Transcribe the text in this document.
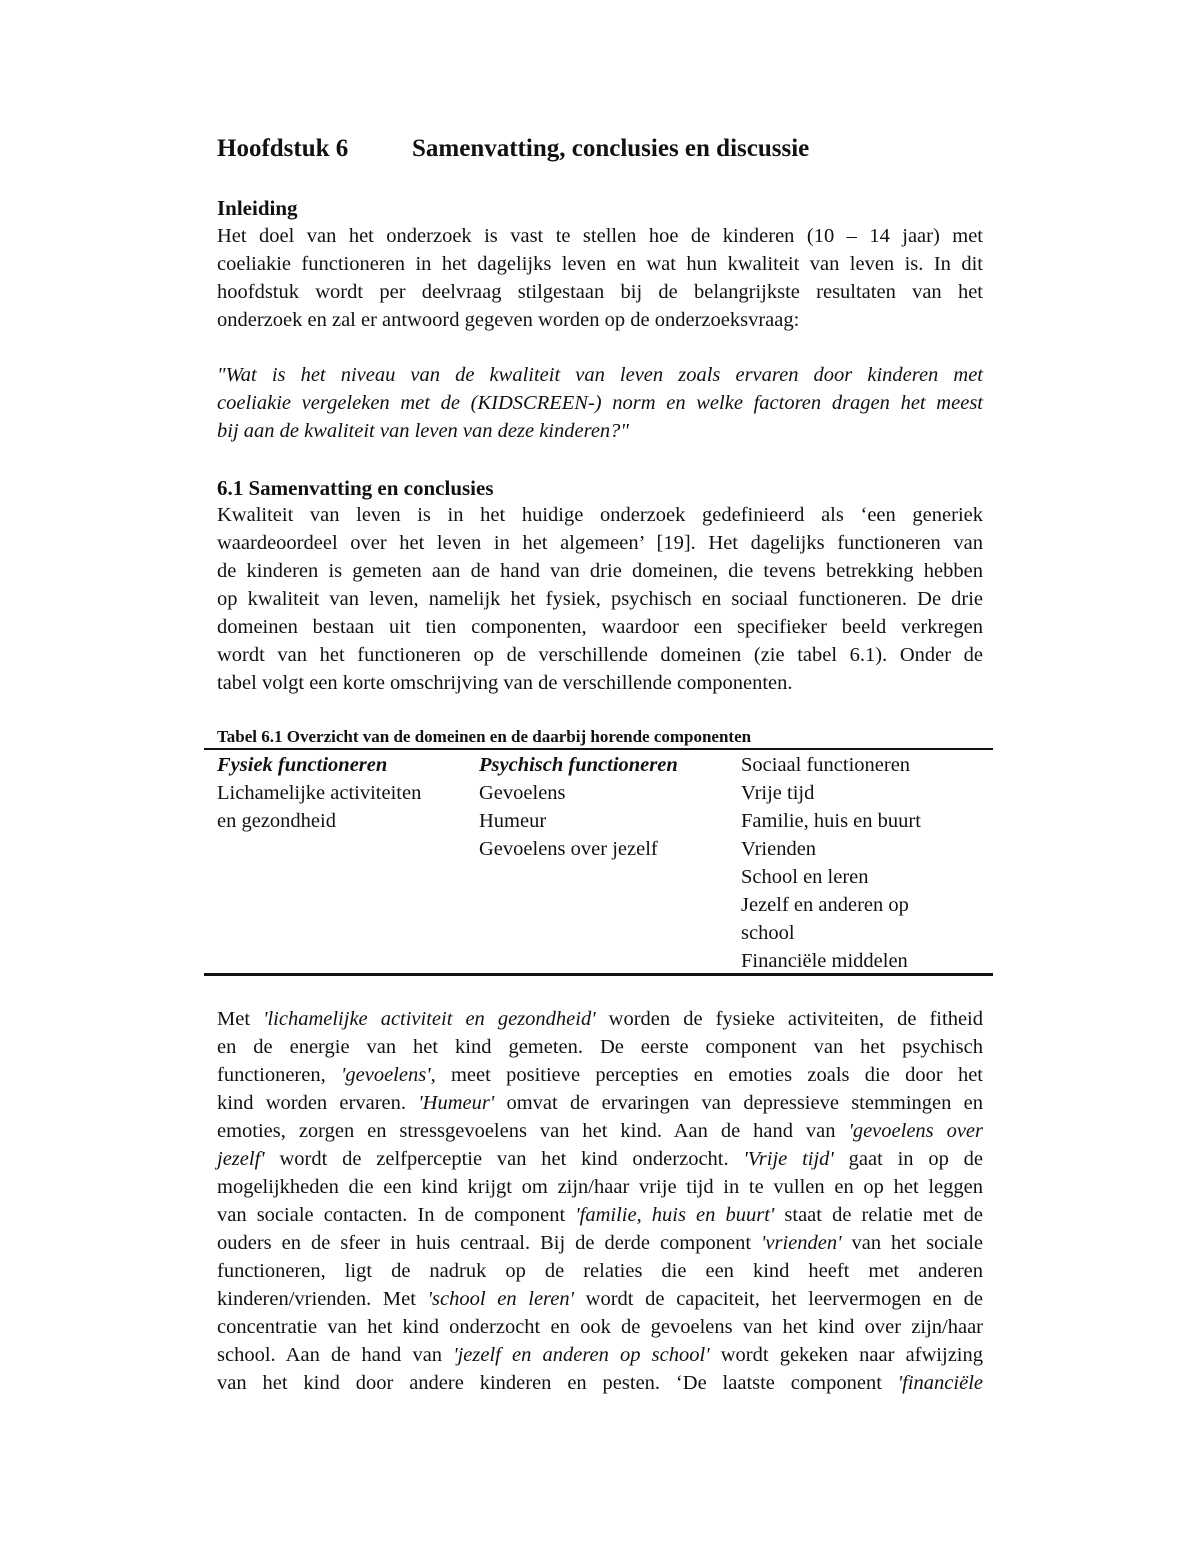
Hoofdstuk 6	Samenvatting, conclusies en discussie
Inleiding
Het doel van het onderzoek is vast te stellen hoe de kinderen (10 – 14 jaar) met
coeliakie functioneren in het dagelijks leven en wat hun kwaliteit van leven is. In dit
hoofdstuk wordt per deelvraag stilgestaan bij de belangrijkste resultaten van het
onderzoek en zal er antwoord gegeven worden op de onderzoeksvraag:
"Wat is het niveau van de kwaliteit van leven zoals ervaren door kinderen met
coeliakie vergeleken met de (KIDSCREEN-) norm en welke factoren dragen het meest
bij aan de kwaliteit van leven van deze kinderen?"
6.1 Samenvatting en conclusies
Kwaliteit van leven is in het huidige onderzoek gedefinieerd als ‘een generiek
waardeoordeel over het leven in het algemeen’ [19]. Het dagelijks functioneren van
de kinderen is gemeten aan de hand van drie domeinen, die tevens betrekking hebben
op kwaliteit van leven, namelijk het fysiek, psychisch en sociaal functioneren. De drie
domeinen bestaan uit tien componenten, waardoor een specifieker beeld verkregen
wordt van het functioneren op de verschillende domeinen (zie tabel 6.1). Onder de
tabel volgt een korte omschrijving van de verschillende componenten.
Tabel 6.1 Overzicht van de domeinen en de daarbij horende componenten
Fysiek functioneren
Lichamelijke activiteiten
en gezondheid
Psychisch functioneren
Gevoelens
Humeur
Gevoelens over jezelf
Sociaal functioneren
Vrije tijd
Familie, huis en buurt
Vrienden
School en leren
Jezelf en anderen op
school
Financiële middelen
Met 'lichamelijke activiteit en gezondheid' worden de fysieke activiteiten, de fitheid
en de energie van het kind gemeten. De eerste component van het psychisch
functioneren, 'gevoelens', meet positieve percepties en emoties zoals die door het
kind worden ervaren. 'Humeur' omvat de ervaringen van depressieve stemmingen en
emoties, zorgen en stressgevoelens van het kind. Aan de hand van 'gevoelens over
jezelf' wordt de zelfperceptie van het kind onderzocht. 'Vrije tijd' gaat in op de
mogelijkheden die een kind krijgt om zijn/haar vrije tijd in te vullen en op het leggen
van sociale contacten. In de component 'familie, huis en buurt' staat de relatie met de
ouders en de sfeer in huis centraal. Bij de derde component 'vrienden' van het sociale
functioneren, ligt de nadruk op de relaties die een kind heeft met anderen
kinderen/vrienden. Met 'school en leren' wordt de capaciteit, het leervermogen en de
concentratie van het kind onderzocht en ook de gevoelens van het kind over zijn/haar
school. Aan de hand van 'jezelf en anderen op school' wordt gekeken naar afwijzing
van het kind door andere kinderen en pesten. ‘De laatste component 'financiële
